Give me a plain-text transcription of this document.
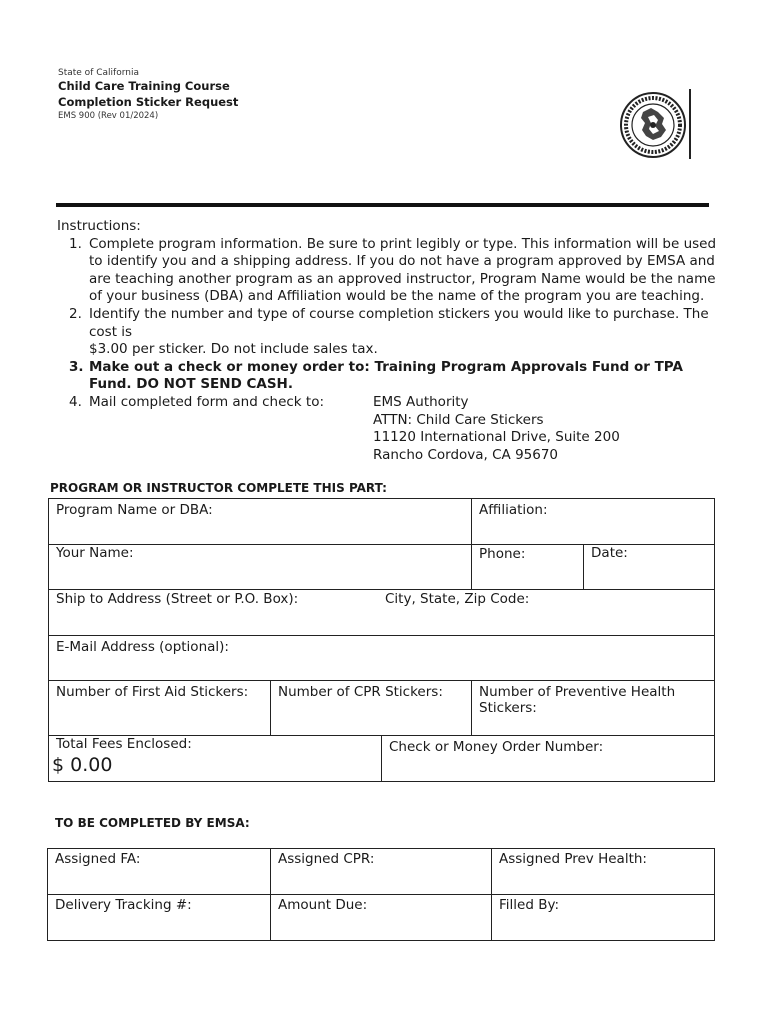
State of California
Child Care Training Course
Completion Sticker Request
EMS 900 (Rev 01/2024)
Instructions:
1. Complete program information. Be sure to print legibly or type. This information will be used to identify you and a shipping address. If you do not have a program approved by EMSA and are teaching another program as an approved instructor, Program Name would be the name of your business (DBA) and Affiliation would be the name of the program you are teaching.
2. Identify the number and type of course completion stickers you would like to purchase. The cost is
$3.00 per sticker. Do not include sales tax.
3. Make out a check or money order to: Training Program Approvals Fund or TPA Fund. DO NOT SEND CASH.
4. Mail completed form and check to:	EMS Authority
ATTN: Child Care Stickers
11120 International Drive, Suite 200
Rancho Cordova, CA 95670
PROGRAM OR INSTRUCTOR COMPLETE THIS PART:
Program Name or DBA:			Affiliation:	
Your Name:			Phone:	Date:
Ship to Address (Street or P.O. Box): City, State, Zip Code:				
E-Mail Address (optional):				
Number of First Aid Stickers:	Number of CPR Stickers:		Number of Preventive Health Stickers:	

Total Fees Enclosed:
$ 0.00		Check or Money Order Number:		
TO BE COMPLETED BY EMSA:
Assigned FA:	Assigned CPR:	Assigned Prev Health:
Delivery Tracking #:	Amount Due:	Filled By:
